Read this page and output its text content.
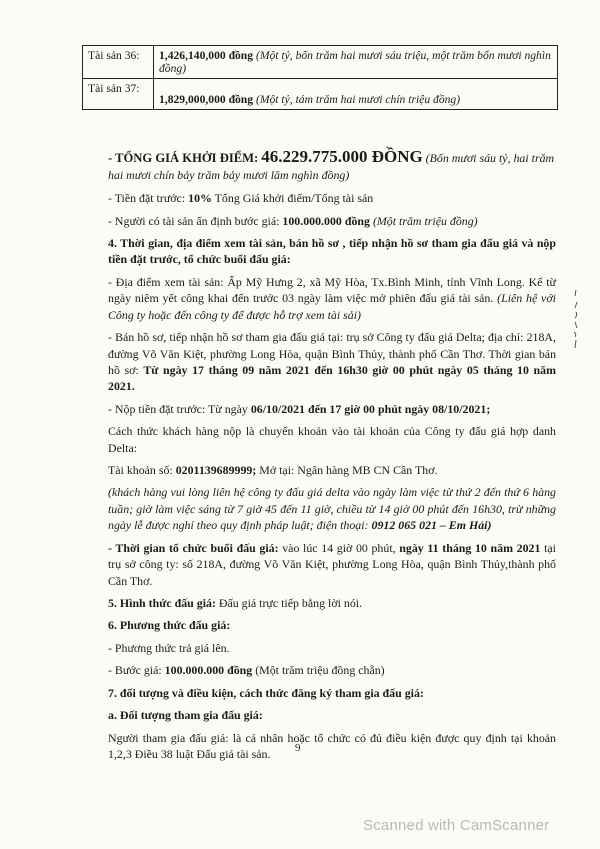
Tài sản 36:	1,426,140,000 đồng (Một tỷ, bốn trăm hai mươi sáu triệu, một trăm bốn mươi nghìn đồng)
Tài sản 37:	1,829,000,000 đồng (Một tỷ, tám trăm hai mươi chín triệu đồng)

- TỔNG GIÁ KHỞI ĐIỂM: 46.229.775.000 ĐỒNG (Bốn mươi sáu tỷ, hai trăm hai mươi chín bảy trăm bảy mươi lăm nghìn đồng)

- Tiền đặt trước: 10% Tổng Giá khởi điểm/Tổng tài sản

- Người có tài sản ấn định bước giá: 100.000.000 đồng (Một trăm triệu đồng)

4. Thời gian, địa điểm xem tài sản, bán hồ sơ , tiếp nhận hồ sơ tham gia đấu giá và nộp tiền đặt trước, tổ chức buổi đấu giá:

- Địa điểm xem tài sản: Ấp Mỹ Hưng 2, xã Mỹ Hòa, Tx.Bình Minh, tỉnh Vĩnh Long. Kể từ ngày niêm yết công khai đến trước 03 ngày làm việc mở phiên đấu giá tài sản. (Liên hệ với Công ty hoặc đến công ty để được hỗ trợ xem tài sải)

- Bán hồ sơ, tiếp nhận hồ sơ tham gia đấu giá tại: trụ sở Công ty đấu giá Delta; địa chỉ: 218A, đường Võ Văn Kiệt, phường Long Hòa, quận Bình Thủy, thành phố Cần Thơ. Thời gian bán hồ sơ: Từ ngày 17 tháng 09 năm 2021 đến 16h30 giờ 00 phút ngày 05 tháng 10 năm 2021.

- Nộp tiền đặt trước: Từ ngày 06/10/2021 đến 17 giờ 00 phút ngày 08/10/2021;

Cách thức khách hàng nộp là chuyển khoản vào tài khoản của Công ty đấu giá hợp danh Delta:

Tài khoản số: 0201139689999; Mở tại: Ngân hàng MB CN Cần Thơ.

(khách hàng vui lòng liên hệ công ty đấu giá delta vào ngày làm việc từ thứ 2 đến thứ 6 hàng tuần; giờ làm việc sáng từ 7 giờ 45 đến 11 giờ, chiều từ 14 giờ 00 phút đến 16h30, trừ những ngày lễ được nghỉ theo quy định pháp luật; điện thoại: 0912 065 021 – Em Hải)

- Thời gian tổ chức buổi đấu giá: vào lúc 14 giờ 00 phút, ngày 11 tháng 10 năm 2021 tại trụ sở công ty: số 218A, đường Võ Văn Kiệt, phường Long Hòa, quận Bình Thủy,thành phố Cần Thơ.

5. Hình thức đấu giá: Đấu giá trực tiếp bằng lời nói.

6. Phương thức đấu giá:

- Phương thức trả giá lên.

- Bước giá: 100.000.000 đồng (Một trăm triệu đồng chẵn)

7. đối tượng và điều kiện, cách thức đăng ký tham gia đấu giá:

a. Đối tượng tham gia đấu giá:

Người tham gia đấu giá: là cá nhân hoặc tổ chức có đủ điều kiện được quy định tại khoản 1,2,3 Điều 38 luật Đấu giá tài sản.	9
Scanned with CamScanner
